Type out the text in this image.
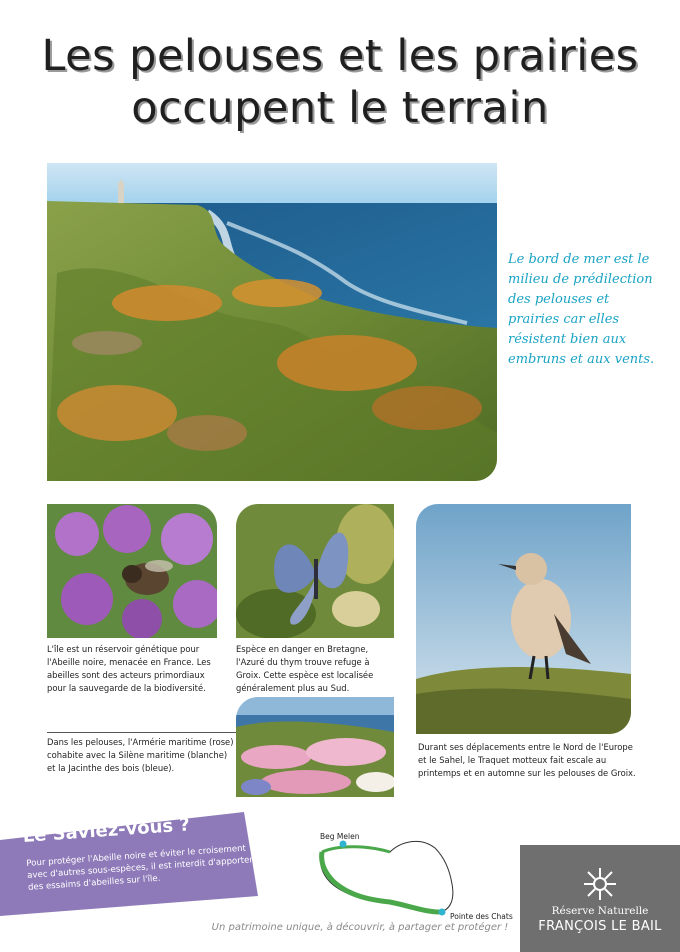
Les pelouses et les prairies
occupent le terrain
Le bord de mer est le milieu de prédilection des pelouses et prairies car elles résistent bien aux embruns et aux vents.
L'île est un réservoir génétique pour l'Abeille noire, menacée en France. Les abeilles sont des acteurs primordiaux pour la sauvegarde de la biodiversité.
Espèce en danger en Bretagne, l'Azuré du thym trouve refuge à Groix. Cette espèce est localisée généralement plus au Sud.
Durant ses déplacements entre le Nord de l'Europe et le Sahel, le Traquet motteux fait escale au printemps et en automne sur les pelouses de Groix.
Dans les pelouses, l'Armérie maritime (rose) cohabite avec la Silène maritime (blanche) et la Jacinthe des bois (bleue).
Le Saviez-vous ?
Pour protéger l'Abeille noire et éviter le croisement avec d'autres sous-espèces, il est interdit d'apporter des essaims d'abeilles sur l'île.
Beg Melen
Pointe des Chats	Réserve Naturelle
FRANÇOIS LE BAIL
Un patrimoine unique, à découvrir, à partager et protéger !
